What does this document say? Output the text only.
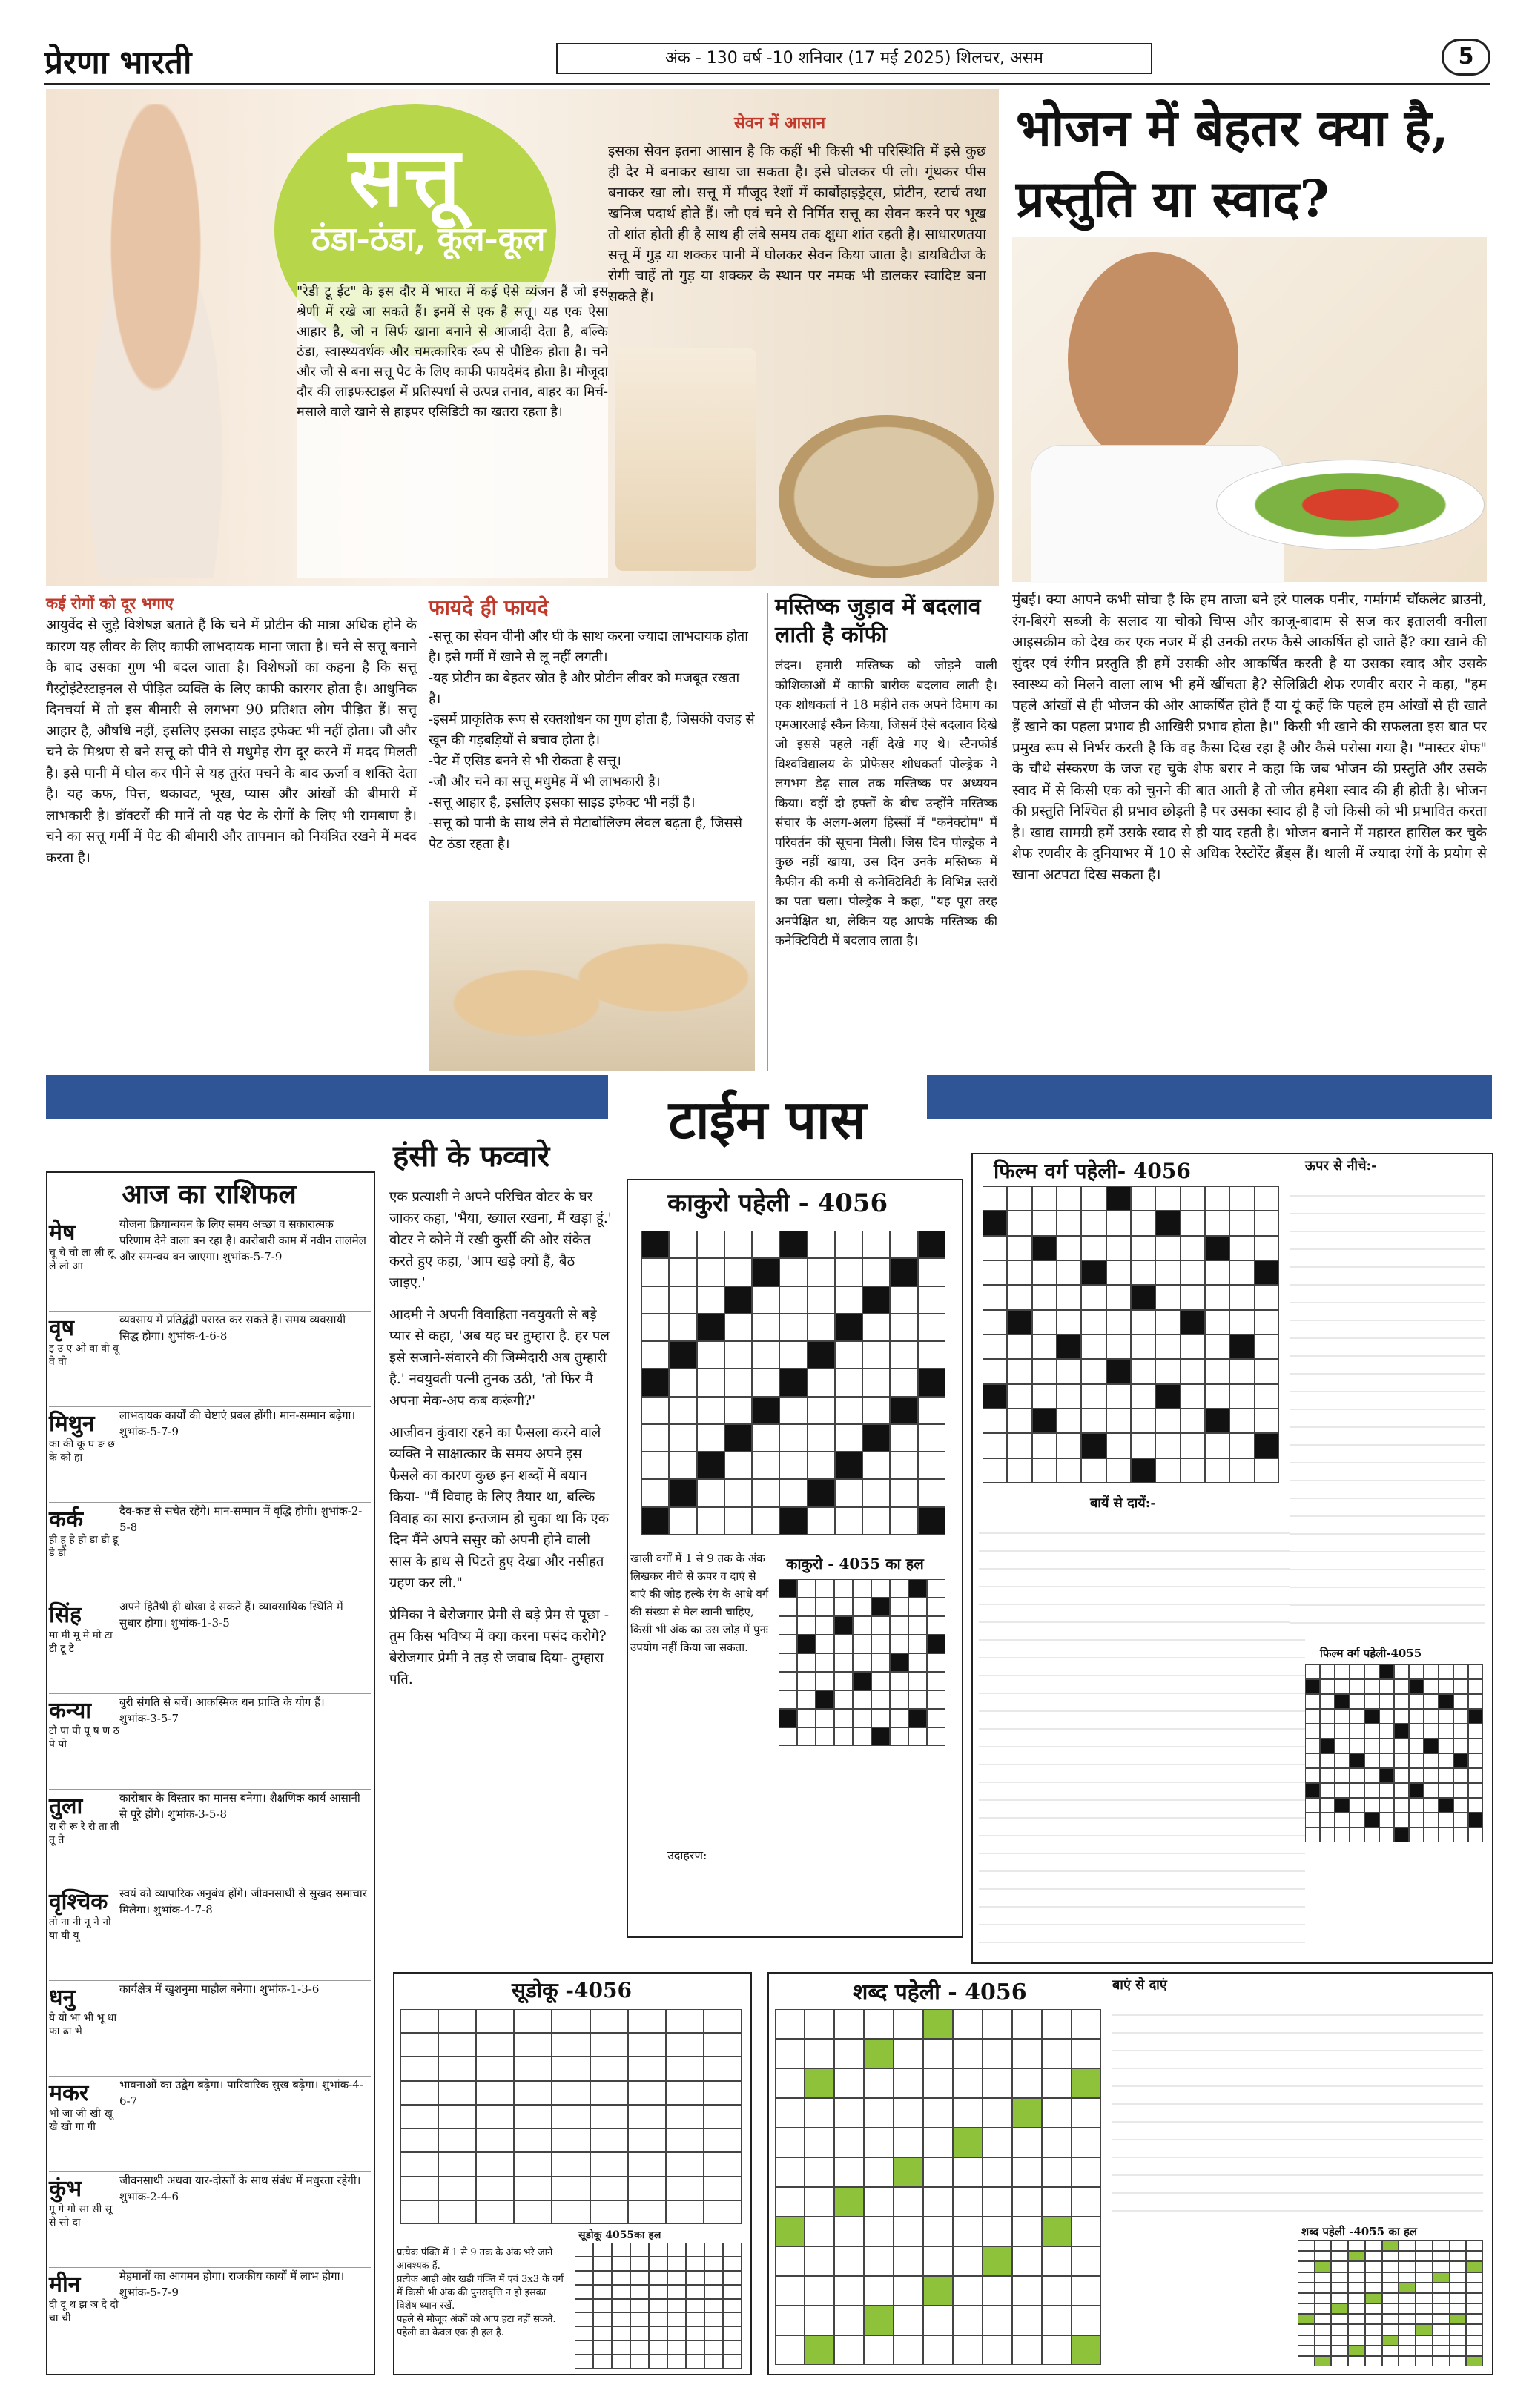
प्रेरणा भारती	अंक - 130 वर्ष -10 शनिवार (17 मई 2025) शिलचर, असम	5
सत्तू
ठंडा-ठंडा, कूल-कूल
सेवन में आसान
इसका सेवन इतना आसान है कि कहीं भी किसी भी परिस्थिति में इसे कुछ ही देर में बनाकर खाया जा सकता है। इसे घोलकर पी लो। गूंथकर पीस बनाकर खा लो। सत्तू में मौजूद रेशों में कार्बोहाइड्रेट्स, प्रोटीन, स्टार्च तथा खनिज पदार्थ होते हैं। जौ एवं चने से निर्मित सत्तू का सेवन करने पर भूख तो शांत होती ही है साथ ही लंबे समय तक क्षुधा शांत रहती है। साधारणतया सत्तू में गुड़ या शक्कर पानी में घोलकर सेवन किया जाता है। डायबिटीज के रोगी चाहें तो गुड़ या शक्कर के स्थान पर नमक भी डालकर स्वादिष्ट बना सकते हैं।
"रेडी टू ईट" के इस दौर में भारत में कई ऐसे व्यंजन हैं जो इस श्रेणी में रखे जा सकते हैं। इनमें से एक है सत्तू। यह एक ऐसा आहार है, जो न सिर्फ खाना बनाने से आजादी देता है, बल्कि ठंडा, स्वास्थ्यवर्धक और चमत्कारिक रूप से पौष्टिक होता है। चने और जौ से बना सत्तू पेट के लिए काफी फायदेमंद होता है। मौजूदा दौर की लाइफस्टाइल में प्रतिस्पर्धा से उत्पन्न तनाव, बाहर का मिर्च-मसाले वाले खाने से हाइपर एसिडिटी का खतरा रहता है।
भोजन में बेहतर क्या है, प्रस्तुति या स्वाद?
मुंबई। क्या आपने कभी सोचा है कि हम ताजा बने हरे पालक पनीर, गर्मागर्म चॉकलेट ब्राउनी, रंग-बिरंगे सब्जी के सलाद या चोको चिप्स और काजू-बादाम से सज कर इतालवी वनीला आइसक्रीम को देख कर एक नजर में ही उनकी तरफ कैसे आकर्षित हो जाते हैं? क्या खाने की सुंदर एवं रंगीन प्रस्तुति ही हमें उसकी ओर आकर्षित करती है या उसका स्वाद और उसके स्वास्थ्य को मिलने वाला लाभ भी हमें खींचता है? सेलिब्रिटी शेफ रणवीर बरार ने कहा, "हम पहले आंखों से ही भोजन की ओर आकर्षित होते हैं या यूं कहें कि पहले हम आंखों से ही खाते हैं खाने का पहला प्रभाव ही आखिरी प्रभाव होता है।" किसी भी खाने की सफलता इस बात पर प्रमुख रूप से निर्भर करती है कि वह कैसा दिख रहा है और कैसे परोसा गया है। "मास्टर शेफ" के चौथे संस्करण के जज रह चुके शेफ बरार ने कहा कि जब भोजन की प्रस्तुति और उसके स्वाद में से किसी एक को चुनने की बात आती है तो जीत हमेशा स्वाद की ही होती है। भोजन की प्रस्तुति निश्चित ही प्रभाव छोड़ती है पर उसका स्वाद ही है जो किसी को भी प्रभावित करता है। खाद्य सामग्री हमें उसके स्वाद से ही याद रहती है। भोजन बनाने में महारत हासिल कर चुके शेफ रणवीर के दुनियाभर में 10 से अधिक रेस्टोरेंट ब्रैंड्स हैं। थाली में ज्यादा रंगों के प्रयोग से खाना अटपटा दिख सकता है।
कई रोगों को दूर भगाए
आयुर्वेद से जुड़े विशेषज्ञ बताते हैं कि चने में प्रोटीन की मात्रा अधिक होने के कारण यह लीवर के लिए काफी लाभदायक माना जाता है। चने से सत्तू बनाने के बाद उसका गुण भी बदल जाता है। विशेषज्ञों का कहना है कि सत्तू गैस्ट्रोइंटेस्टाइनल से पीड़ित व्यक्ति के लिए काफी कारगर होता है। आधुनिक दिनचर्या में तो इस बीमारी से लगभग 90 प्रतिशत लोग पीड़ित हैं। सत्तू आहार है, औषधि नहीं, इसलिए इसका साइड इफेक्ट भी नहीं होता। जौ और चने के मिश्रण से बने सत्तू को पीने से मधुमेह रोग दूर करने में मदद मिलती है। इसे पानी में घोल कर पीने से यह तुरंत पचने के बाद ऊर्जा व शक्ति देता है। यह कफ, पित्त, थकावट, भूख, प्यास और आंखों की बीमारी में लाभकारी है। डॉक्टरों की मानें तो यह पेट के रोगों के लिए भी रामबाण है। चने का सत्तू गर्मी में पेट की बीमारी और तापमान को नियंत्रित रखने में मदद करता है।
फायदे ही फायदे
-सत्तू का सेवन चीनी और घी के साथ करना ज्यादा लाभदायक होता है। इसे गर्मी में खाने से लू नहीं लगती।
-यह प्रोटीन का बेहतर स्रोत है और प्रोटीन लीवर को मजबूत रखता है।
-इसमें प्राकृतिक रूप से रक्तशोधन का गुण होता है, जिसकी वजह से खून की गड़बड़ियों से बचाव होता है।
-पेट में एसिड बनने से भी रोकता है सत्तू।
-जौ और चने का सत्तू मधुमेह में भी लाभकारी है।
-सत्तू आहार है, इसलिए इसका साइड इफेक्ट भी नहीं है।
-सत्तू को पानी के साथ लेने से मेटाबोलिज्म लेवल बढ़ता है, जिससे पेट ठंडा रहता है।
मस्तिष्क जुड़ाव में बदलाव लाती है कॉफी
लंदन। हमारी मस्तिष्क को जोड़ने वाली कोशिकाओं में काफी बारीक बदलाव लाती है। एक शोधकर्ता ने 18 महीने तक अपने दिमाग का एमआरआई स्कैन किया, जिसमें ऐसे बदलाव दिखे जो इससे पहले नहीं देखे गए थे। स्टैनफोर्ड विश्वविद्यालय के प्रोफेसर शोधकर्ता पोल्ड्रेक ने लगभग डेढ़ साल तक मस्तिष्क पर अध्ययन किया। वहीं दो हफ्तों के बीच उन्होंने मस्तिष्क संचार के अलग-अलग हिस्सों में "कनेक्टोम" में परिवर्तन की सूचना मिली। जिस दिन पोल्ड्रेक ने कुछ नहीं खाया, उस दिन उनके मस्तिष्क में कैफीन की कमी से कनेक्टिविटी के विभिन्न स्तरों का पता चला। पोल्ड्रेक ने कहा, "यह पूरा तरह अनपेक्षित था, लेकिन यह आपके मस्तिष्क की कनेक्टिविटी में बदलाव लाता है।
टाईम पास
आज का राशिफल
मेष
चू चे चो ला ली लू ले लो आ
योजना क्रियान्वयन के लिए समय अच्छा व सकारात्मक परिणाम देने वाला बन रहा है। कारोबारी काम में नवीन तालमेल और समन्वय बन जाएगा। शुभांक-5-7-9
वृष
इ उ ए ओ वा वी वू वे वो
व्यवसाय में प्रतिद्वंद्वी परास्त कर सकते हैं। समय व्यवसायी सिद्ध होगा। शुभांक-4-6-8
मिथुन
का की कू घ ङ छ के को हा
लाभदायक कार्यों की चेष्टाएं प्रबल होंगी। मान-सम्मान बढ़ेगा। शुभांक-5-7-9
कर्क
ही हू हे हो डा डी डू डे डो
दैव-कष्ट से सचेत रहेंगे। मान-सम्मान में वृद्धि होगी। शुभांक-2-5-8
सिंह
मा मी मू मे मो टा टी टू टे
अपने हितैषी ही धोखा दे सकते हैं। व्यावसायिक स्थिति में सुधार होगा। शुभांक-1-3-5
कन्या
टो पा पी पू ष ण ठ पे पो
बुरी संगति से बचें। आकस्मिक धन प्राप्ति के योग हैं। शुभांक-3-5-7
तुला
रा री रू रे रो ता ती तू ते
कारोबार के विस्तार का मानस बनेगा। शैक्षणिक कार्य आसानी से पूरे होंगे। शुभांक-3-5-8
वृश्चिक
तो ना नी नू ने नो या यी यू
स्वयं को व्यापारिक अनुबंध होंगे। जीवनसाथी से सुखद समाचार मिलेगा। शुभांक-4-7-8
धनु
ये यो भा भी भू धा फा ढा भे
कार्यक्षेत्र में खुशनुमा माहौल बनेगा। शुभांक-1-3-6
मकर
भो जा जी खी खू खे खो गा गी
भावनाओं का उद्वेग बढ़ेगा। पारिवारिक सुख बढ़ेगा। शुभांक-4-6-7
कुंभ
गू गे गो सा सी सू से सो दा
जीवनसाथी अथवा यार-दोस्तों के साथ संबंध में मधुरता रहेगी। शुभांक-2-4-6
मीन
दी दू थ झ ञ दे दो चा ची
मेहमानों का आगमन होगा। राजकीय कार्यों में लाभ होगा। शुभांक-5-7-9
हंसी के फव्वारे
एक प्रत्याशी ने अपने परिचित वोटर के घर जाकर कहा, 'भैया, ख्याल रखना, मैं खड़ा हूं.' वोटर ने कोने में रखी कुर्सी की ओर संकेत करते हुए कहा, 'आप खड़े क्यों हैं, बैठ जाइए.'
आदमी ने अपनी विवाहिता नवयुवती से बड़े प्यार से कहा, 'अब यह घर तुम्हारा है. हर पल इसे सजाने-संवारने की जिम्मेदारी अब तुम्हारी है.' नवयुवती पत्नी तुनक उठी, 'तो फिर मैं अपना मेक-अप कब करूंगी?'
आजीवन कुंवारा रहने का फैसला करने वाले व्यक्ति ने साक्षात्कार के समय अपने इस फैसले का कारण कुछ इन शब्दों में बयान किया- "मैं विवाह के लिए तैयार था, बल्कि विवाह का सारा इन्तजाम हो चुका था कि एक दिन मैंने अपने ससुर को अपनी होने वाली सास के हाथ से पिटते हुए देखा और नसीहत ग्रहण कर ली."
प्रेमिका ने बेरोजगार प्रेमी से बड़े प्रेम से पूछा - तुम किस भविष्य में क्या करना पसंद करोगे? बेरोजगार प्रेमी ने तड़ से जवाब दिया- तुम्हारा पति.
काकुरो पहेली - 4056
खाली वर्गों में 1 से 9 तक के अंक लिखकर नीचे से ऊपर व दाएं से बाएं की जोड़ हल्के रंग के आधे वर्ग की संख्या से मेल खानी चाहिए, किसी भी अंक का उस जोड़ में पुनः उपयोग नहीं किया जा सकता.
उदाहरण:
काकुरो - 4055 का हल
फिल्म वर्ग पहेली- 4056	ऊपर से नीचे:-
बायें से दायें:-
फिल्म वर्ग पहेली-4055
सूडोकू -4056
प्रत्येक पंक्ति में 1 से 9 तक के अंक भरे जाने आवश्यक हैं.
प्रत्येक आड़ी और खड़ी पंक्ति में एवं 3x3 के वर्ग में किसी भी अंक की पुनरावृत्ति न हो इसका विशेष ध्यान रखें.
पहले से मौजूद अंकों को आप हटा नहीं सकते.
पहेली का केवल एक ही हल है.
सूडोकू 4055का हल
शब्द पहेली - 4056	बाएं से दाएं
शब्द पहेली -4055 का हल
